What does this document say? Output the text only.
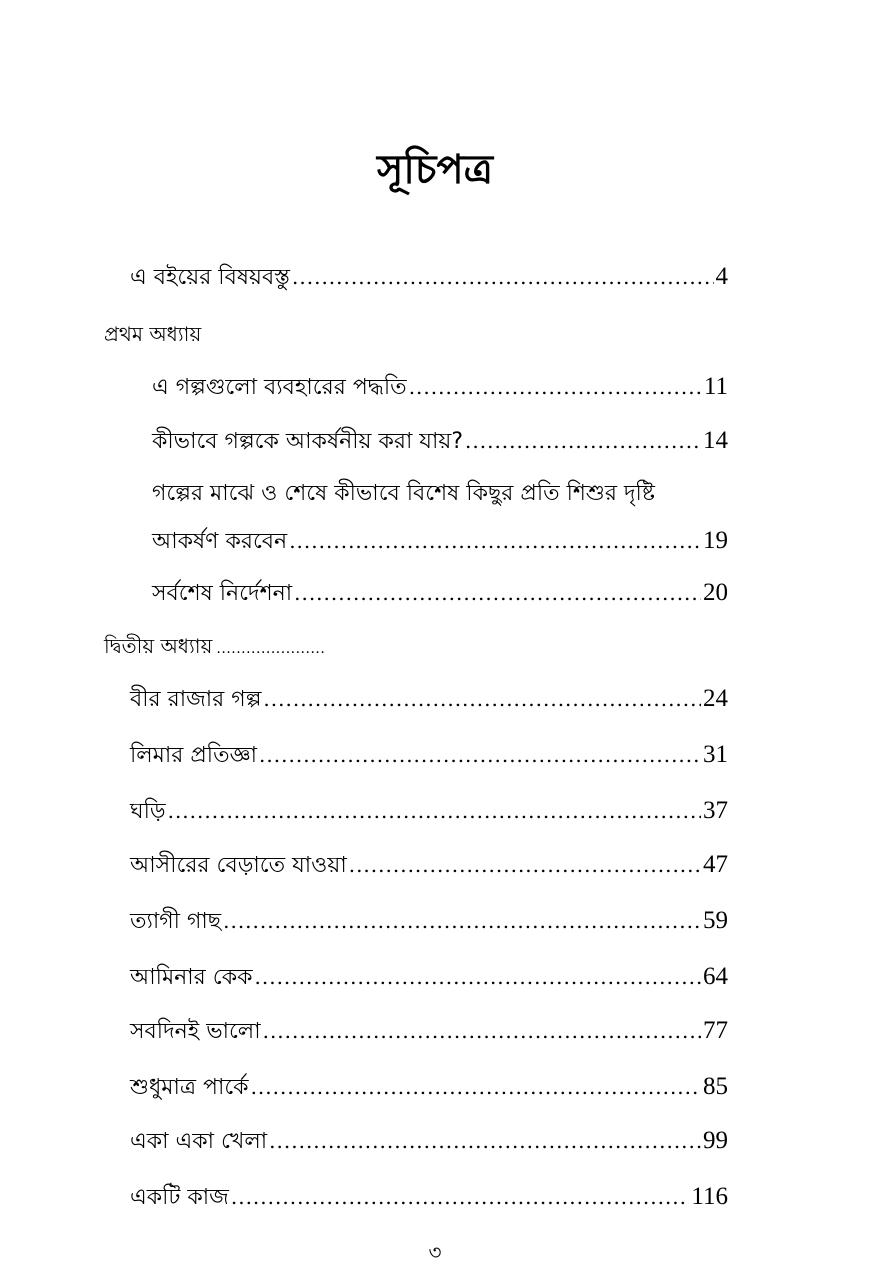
সূচিপত্র
এ বইয়ের বিষয়বস্তু .....	4
প্রথম অধ্যায়
এ গল্পগুলো ব্যবহারের পদ্ধতি .....	11
কীভাবে গল্পকে আকর্ষনীয় করা যায়? .....	14
গল্পের মাঝে ও শেষে কীভাবে বিশেষ কিছুর প্রতি শিশুর দৃষ্টি
আকর্ষণ করবেন .....	19
সর্বশেষ নির্দেশনা .....	20
দ্বিতীয় অধ্যায় ......................
বীর রাজার গল্প .....	24
লিমার প্রতিজ্ঞা .....	31
ঘড়ি .....	37
আসীরের বেড়াতে যাওয়া .....	47
ত্যাগী গাছ .....	59
আমিনার কেক .....	64
সবদিনই ভালো .....	77
শুধুমাত্র পার্কে .....	85
একা একা খেলা .....	99
একটি কাজ .....	116
৩
